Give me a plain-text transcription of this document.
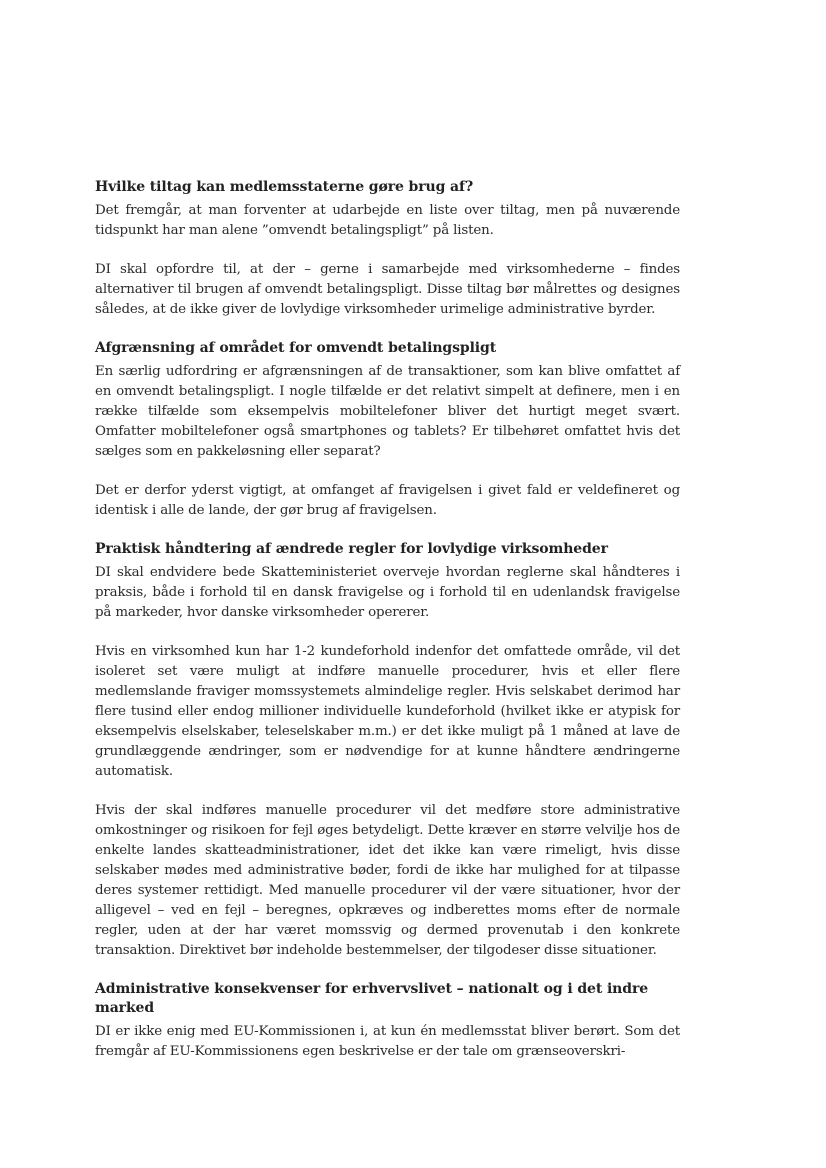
Hvilke tiltag kan medlemsstaterne gøre brug af?

Det fremgår, at man forventer at udarbejde en liste over tiltag, men på nuværende tidspunkt har man alene ”omvendt betalingspligt” på listen.

DI skal opfordre til, at der – gerne i samarbejde med virksomhederne – findes alternativer til brugen af omvendt betalingspligt. Disse tiltag bør målrettes og designes således, at de ikke giver de lovlydige virksomheder urimelige administrative byrder.

Afgrænsning af området for omvendt betalingspligt

En særlig udfordring er afgrænsningen af de transaktioner, som kan blive omfattet af en omvendt betalingspligt. I nogle tilfælde er det relativt simpelt at definere, men i en række tilfælde som eksempelvis mobiltelefoner bliver det hurtigt meget svært. Omfatter mobiltelefoner også smartphones og tablets? Er tilbehøret omfattet hvis det sælges som en pakkeløsning eller separat?

Det er derfor yderst vigtigt, at omfanget af fravigelsen i givet fald er veldefineret og identisk i alle de lande, der gør brug af fravigelsen.

Praktisk håndtering af ændrede regler for lovlydige virksomheder

DI skal endvidere bede Skatteministeriet overveje hvordan reglerne skal håndteres i praksis, både i forhold til en dansk fravigelse og i forhold til en udenlandsk fravigelse på markeder, hvor danske virksomheder opererer.

Hvis en virksomhed kun har 1-2 kundeforhold indenfor det omfattede område, vil det isoleret set være muligt at indføre manuelle procedurer, hvis et eller flere medlemslande fraviger momssystemets almindelige regler. Hvis selskabet derimod har flere tusind eller endog millioner individuelle kundeforhold (hvilket ikke er atypisk for eksempelvis elselskaber, teleselskaber m.m.) er det ikke muligt på 1 måned at lave de grundlæggende ændringer, som er nødvendige for at kunne håndtere ændringerne automatisk.

Hvis der skal indføres manuelle procedurer vil det medføre store administrative omkostninger og risikoen for fejl øges betydeligt. Dette kræver en større velvilje hos de enkelte landes skatteadministrationer, idet det ikke kan være rimeligt, hvis disse selskaber mødes med administrative bøder, fordi de ikke har mulighed for at tilpasse deres systemer rettidigt. Med manuelle procedurer vil der være situationer, hvor der alligevel – ved en fejl – beregnes, opkræves og indberettes moms efter de normale regler, uden at der har været momssvig og dermed provenutab i den konkrete transaktion. Direktivet bør indeholde bestemmelser, der tilgodeser disse situationer.

Administrative konsekvenser for erhvervslivet – nationalt og i det indre marked

DI er ikke enig med EU-Kommissionen i, at kun én medlemsstat bliver berørt. Som det fremgår af EU-Kommissionens egen beskrivelse er der tale om grænseoverskri-
